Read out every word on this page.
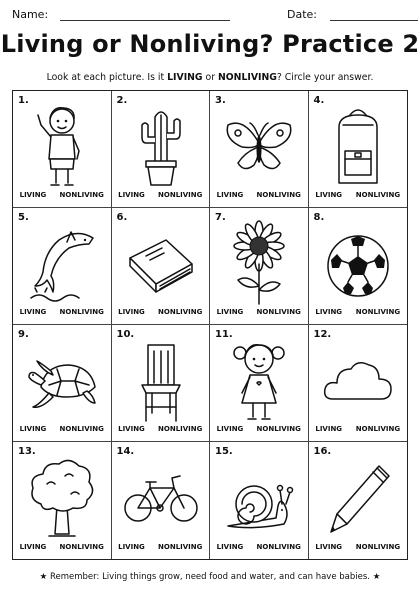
Name:	Date:
Living or Nonliving? Practice 2
Look at each picture. Is it LIVING or NONLIVING? Circle your answer.
1.
LIVING NONLIVING
2.
LIVING NONLIVING
3.
LIVING NONLIVING
4.
LIVING NONLIVING
5.
LIVING NONLIVING
6.
LIVING NONLIVING
7.
LIVING NONLIVING
8.
LIVING NONLIVING
9.
LIVING NONLIVING
10.
LIVING NONLIVING
11.
LIVING NONLIVING
12.
LIVING NONLIVING
13.
LIVING NONLIVING
14.
LIVING NONLIVING
15.
LIVING NONLIVING
16.
LIVING NONLIVING
★ Remember: Living things grow, need food and water, and can have babies. ★
